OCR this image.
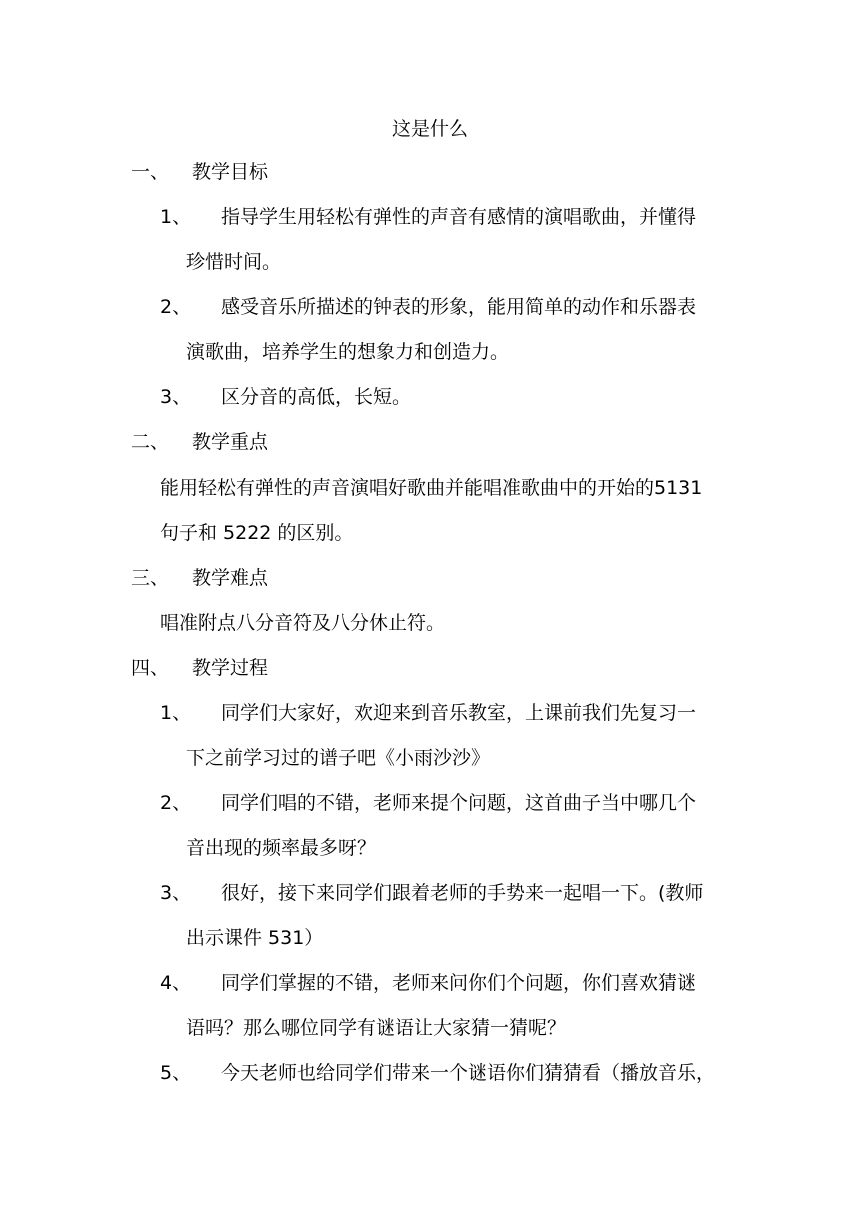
这是什么
一、 教学目标
1、 指导学生用轻松有弹性的声音有感情的演唱歌曲，并懂得
珍惜时间。
2、 感受音乐所描述的钟表的形象，能用简单的动作和乐器表
演歌曲，培养学生的想象力和创造力。
3、 区分音的高低，长短。
二、 教学重点
能用轻松有弹性的声音演唱好歌曲并能唱准歌曲中的开始的5131
句子和 5222 的区别。
三、 教学难点
唱准附点八分音符及八分休止符。
四、 教学过程
1、 同学们大家好，欢迎来到音乐教室，上课前我们先复习一
下之前学习过的谱子吧《小雨沙沙》
2、 同学们唱的不错，老师来提个问题，这首曲子当中哪几个
音出现的频率最多呀？
3、 很好，接下来同学们跟着老师的手势来一起唱一下。(教师
出示课件 531）
4、 同学们掌握的不错，老师来问你们个问题，你们喜欢猜谜
语吗？那么哪位同学有谜语让大家猜一猜呢？
5、 今天老师也给同学们带来一个谜语你们猜猜看（播放音乐，
